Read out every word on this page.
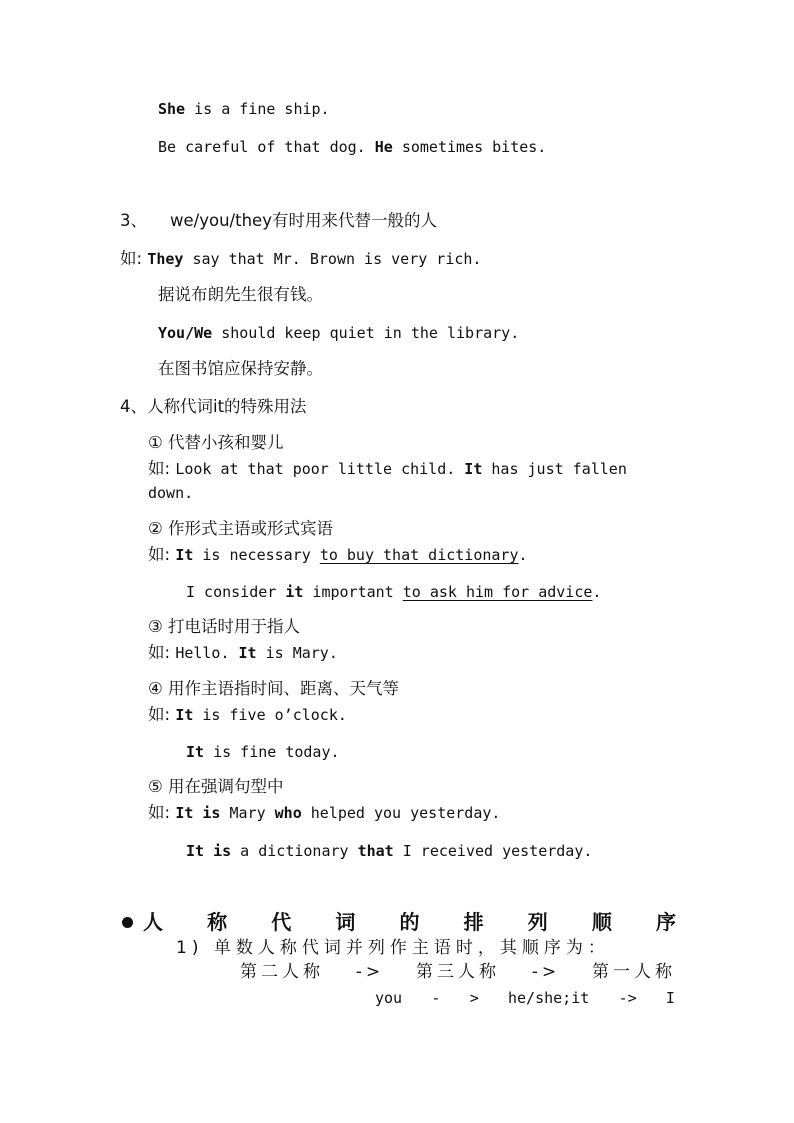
She is a fine ship.
Be careful of that dog. He sometimes bites.
3、 we/you/they有时用来代替一般的人
如: They say that Mr. Brown is very rich.
据说布朗先生很有钱。
You/We should keep quiet in the library.
在图书馆应保持安静。
4、人称代词it的特殊用法
① 代替小孩和婴儿
如: Look at that poor little child. It has just fallen
down.
② 作形式主语或形式宾语
如: It is necessary to buy that dictionary.
I consider it important to ask him for advice.
③ 打电话时用于指人
如: Hello. It is Mary.
④ 用作主语指时间、距离、天气等
如: It is five o’clock.
It is fine today.
⑤ 用在强调句型中
如: It is Mary who helped you yesterday.
It is a dictionary that I received yesterday.
人 称 代 词 的 排 列 顺 序
1) 单数人称代词并列作主语时，其顺序为：
第二人称 -> 第三人称 -> 第一人称
you - > he/she;it -> I
